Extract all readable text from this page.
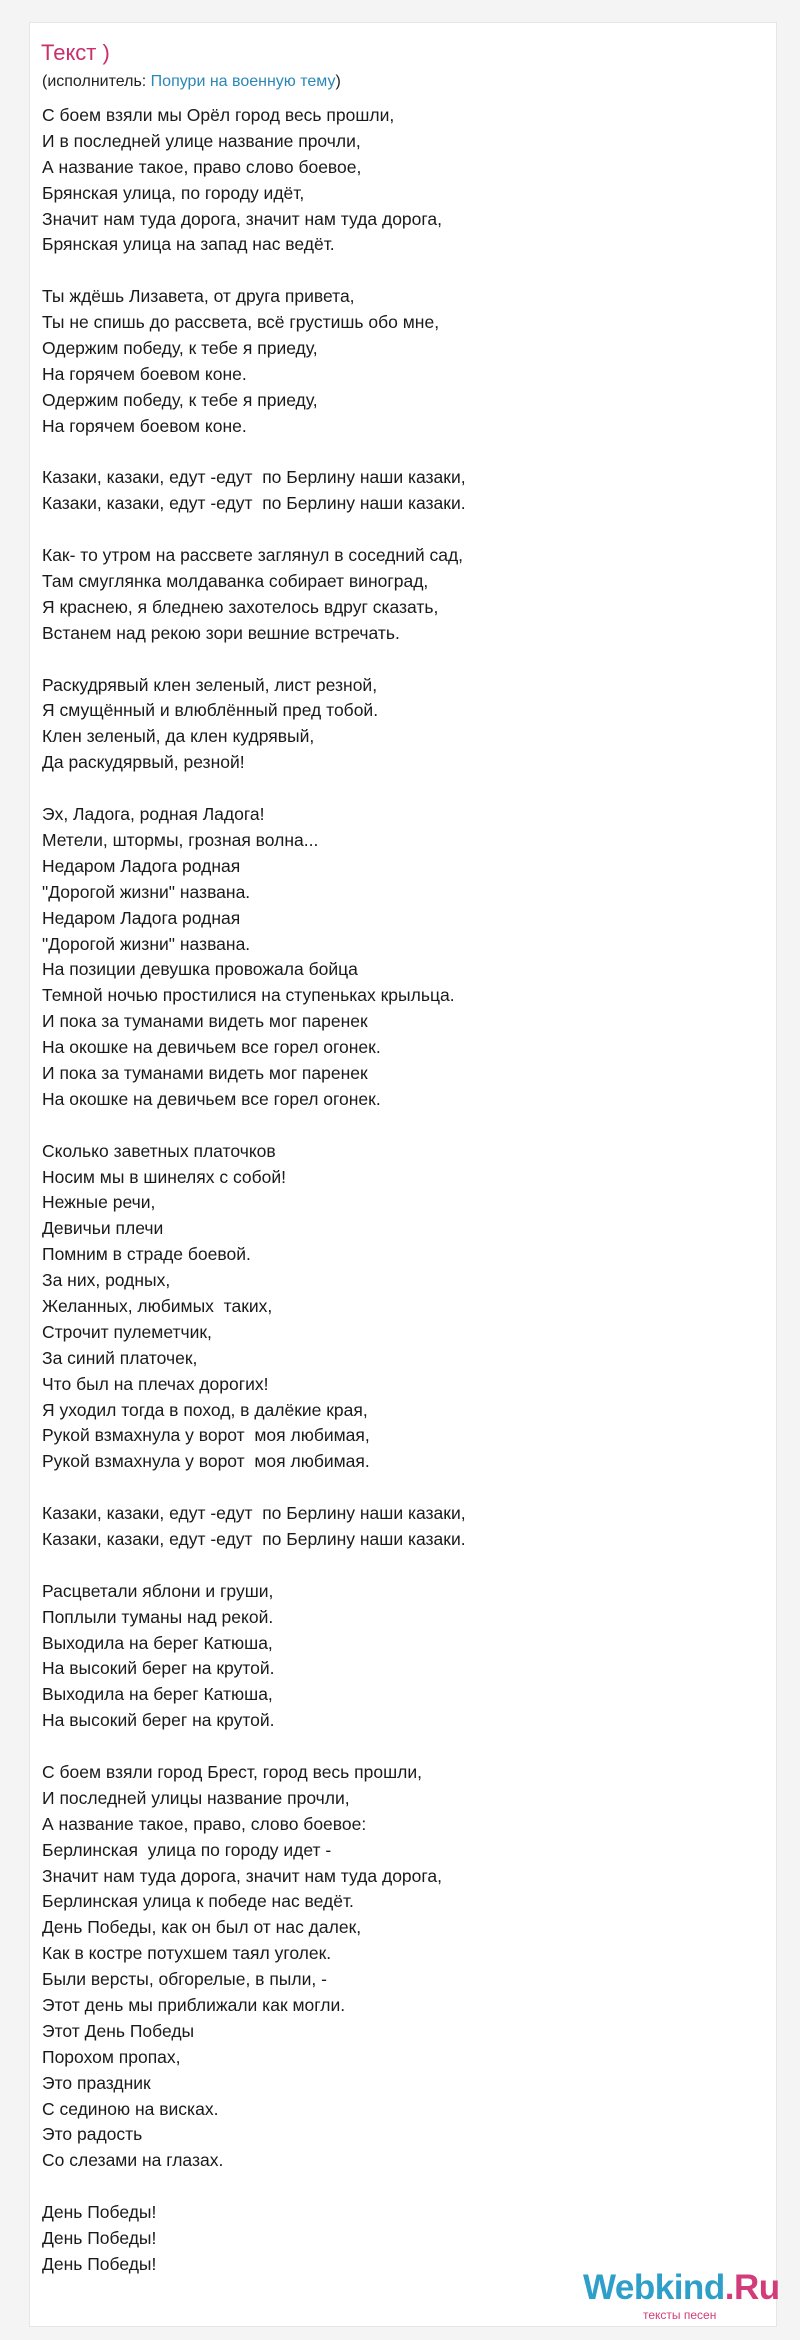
Текст )
(исполнитель: Попури на военную тему)
С боем взяли мы Орёл город весь прошли,
И в последней улице название прочли,
А название такое, право слово боевое,
Брянская улица, по городу идёт,
Значит нам туда дорога, значит нам туда дорога,
Брянская улица на запад нас ведёт.
Ты ждёшь Лизавета, от друга привета,
Ты не спишь до рассвета, всё грустишь обо мне,
Одержим победу, к тебе я приеду,
На горячем боевом коне.
Одержим победу, к тебе я приеду,
На горячем боевом коне.
Казаки, казаки, едут -едут  по Берлину наши казаки,
Казаки, казаки, едут -едут  по Берлину наши казаки.
Как- то утром на рассвете заглянул в соседний сад,
Там смуглянка молдаванка собирает виноград,
Я краснею, я бледнею захотелось вдруг сказать,
Встанем над рекою зори вешние встречать.
Раскудрявый клен зеленый, лист резной,
Я смущённый и влюблённый пред тобой.
Клен зеленый, да клен кудрявый,
Да раскудярвый, резной!
Эх, Ладога, родная Ладога!
Метели, штормы, грозная волна...
Недаром Ладога родная
"Дорогой жизни" названа.
Недаром Ладога родная
"Дорогой жизни" названа.
На позиции девушка провожала бойца
Темной ночью простилися на ступеньках крыльца.
И пока за туманами видеть мог паренек
На окошке на девичьем все горел огонек.
И пока за туманами видеть мог паренек
На окошке на девичьем все горел огонек.
Сколько заветных платочков
Носим мы в шинелях с собой!
Нежные речи,
Девичьи плечи
Помним в страде боевой.
За них, родных,
Желанных, любимых  таких,
Строчит пулеметчик,
За синий платочек,
Что был на плечах дорогих!
Я уходил тогда в поход, в далёкие края,
Рукой взмахнула у ворот  моя любимая,
Рукой взмахнула у ворот  моя любимая.
Казаки, казаки, едут -едут  по Берлину наши казаки,
Казаки, казаки, едут -едут  по Берлину наши казаки.
Расцветали яблони и груши,
Поплыли туманы над рекой.
Выходила на берег Катюша,
На высокий берег на крутой.
Выходила на берег Катюша,
На высокий берег на крутой.
С боем взяли город Брест, город весь прошли,
И последней улицы название прочли,
А название такое, право, слово боевое:
Берлинская  улица по городу идет -
Значит нам туда дорога, значит нам туда дорога,
Берлинская улица к победе нас ведёт.
День Победы, как он был от нас далек,
Как в костре потухшем таял уголек.
Были версты, обгорелые, в пыли, -
Этот день мы приближали как могли.
Этот День Победы
Порохом пропах,
Это праздник
С сединою на висках.
Это радость
Со слезами на глазах.
День Победы!
День Победы!
День Победы!
Webkind.Ru
тексты песен
